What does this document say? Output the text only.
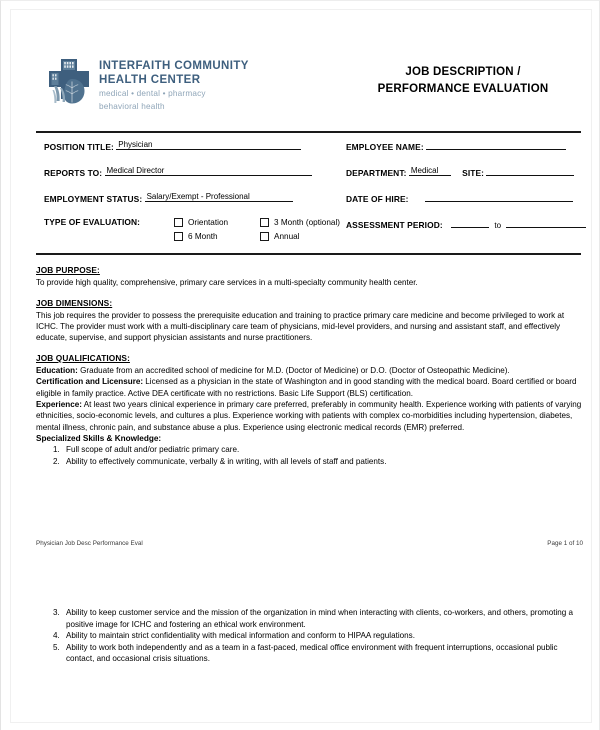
INTERFAITH COMMUNITY
HEALTH CENTER
medical • dental • pharmacy
behavioral health
JOB DESCRIPTION /
PERFORMANCE EVALUATION
POSITION TITLE: Physician
REPORTS TO: Medical Director
EMPLOYMENT STATUS: Salary/Exempt - Professional
TYPE OF EVALUATION:	Orientation	3 Month (optional)
6 Month	Annual
EMPLOYEE NAME:
DEPARTMENT: Medical	SITE:
DATE OF HIRE:
ASSESSMENT PERIOD:	to
JOB PURPOSE:

To provide high quality, comprehensive, primary care services in a multi-specialty community health center.

JOB DIMENSIONS:

This job requires the provider to possess the prerequisite education and training to practice primary care medicine and become privileged to work at ICHC. The provider must work with a multi-disciplinary care team of physicians, mid-level providers, and nursing and assistant staff, and effectively educate, supervise, and support physician assistants and nurse practitioners.

JOB QUALIFICATIONS:

Education: Graduate from an accredited school of medicine for M.D. (Doctor of Medicine) or D.O. (Doctor of Osteopathic Medicine).

Certification and Licensure: Licensed as a physician in the state of Washington and in good standing with the medical board. Board certified or board eligible in family practice. Active DEA certificate with no restrictions. Basic Life Support (BLS) certification.

Experience: At least two years clinical experience in primary care preferred, preferably in community health. Experience working with patients of varying ethnicities, socio-economic levels, and cultures a plus. Experience working with patients with complex co-morbidities including hypertension, diabetes, mental illness, chronic pain, and substance abuse a plus. Experience using electronic medical records (EMR) preferred.

Specialized Skills & Knowledge:
1. Full scope of adult and/or pediatric primary care.
2. Ability to effectively communicate, verbally & in writing, with all levels of staff and patients.
Physician Job Desc Performance Eval	Page 1 of 10
3. Ability to keep customer service and the mission of the organization in mind when interacting with clients, co-workers, and others, promoting a positive image for ICHC and fostering an ethical work environment.
4. Ability to maintain strict confidentiality with medical information and conform to HIPAA regulations.
5. Ability to work both independently and as a team in a fast-paced, medical office environment with frequent interruptions, occasional public contact, and occasional crisis situations.
